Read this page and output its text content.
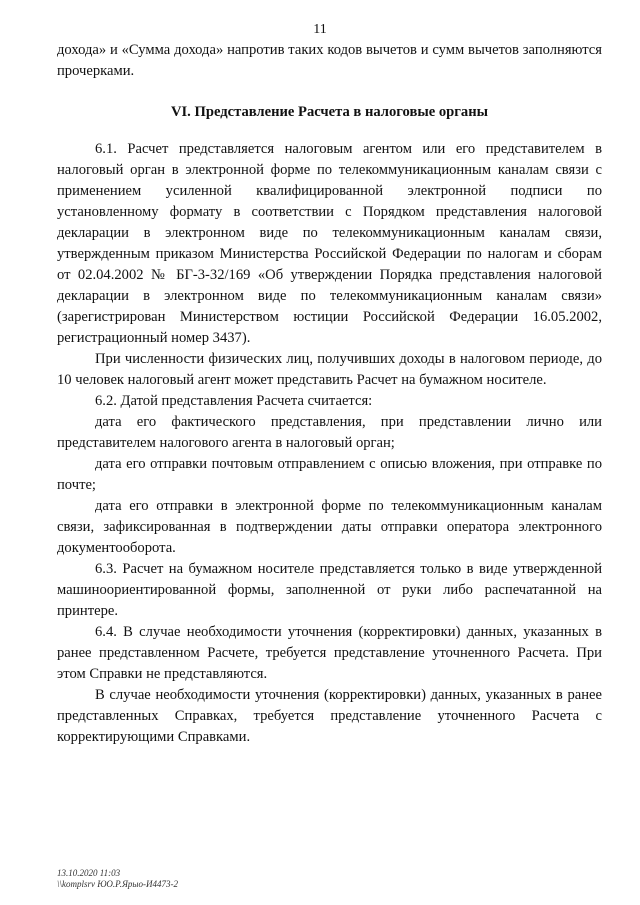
11

дохода» и «Сумма дохода» напротив таких кодов вычетов и сумм вычетов заполняются прочерками.

VI. Представление Расчета в налоговые органы

6.1. Расчет представляется налоговым агентом или его представителем в налоговый орган в электронной форме по телекоммуникационным каналам связи с применением усиленной квалифицированной электронной подписи по установленному формату в соответствии с Порядком представления налоговой декларации в электронном виде по телекоммуникационным каналам связи, утвержденным приказом Министерства Российской Федерации по налогам и сборам от 02.04.2002 № БГ-3-32/169 «Об утверждении Порядка представления налоговой декларации в электронном виде по телекоммуникационным каналам связи» (зарегистрирован Министерством юстиции Российской Федерации 16.05.2002, регистрационный номер 3437).

При численности физических лиц, получивших доходы в налоговом периоде, до 10 человек налоговый агент может представить Расчет на бумажном носителе.

6.2. Датой представления Расчета считается:

дата его фактического представления, при представлении лично или представителем налогового агента в налоговый орган;

дата его отправки почтовым отправлением с описью вложения, при отправке по почте;

дата его отправки в электронной форме по телекоммуникационным каналам связи, зафиксированная в подтверждении даты отправки оператора электронного документооборота.

6.3. Расчет на бумажном носителе представляется только в виде утвержденной машиноориентированной формы, заполненной от руки либо распечатанной на принтере.

6.4. В случае необходимости уточнения (корректировки) данных, указанных в ранее представленном Расчете, требуется представление уточненного Расчета. При этом Справки не представляются.

В случае необходимости уточнения (корректировки) данных, указанных в ранее представленных Справках, требуется представление уточненного Расчета с корректирующими Справками.

13.10.2020 11:03
\\komplsrv ЮО.Р.Ярыо-И4473-2
